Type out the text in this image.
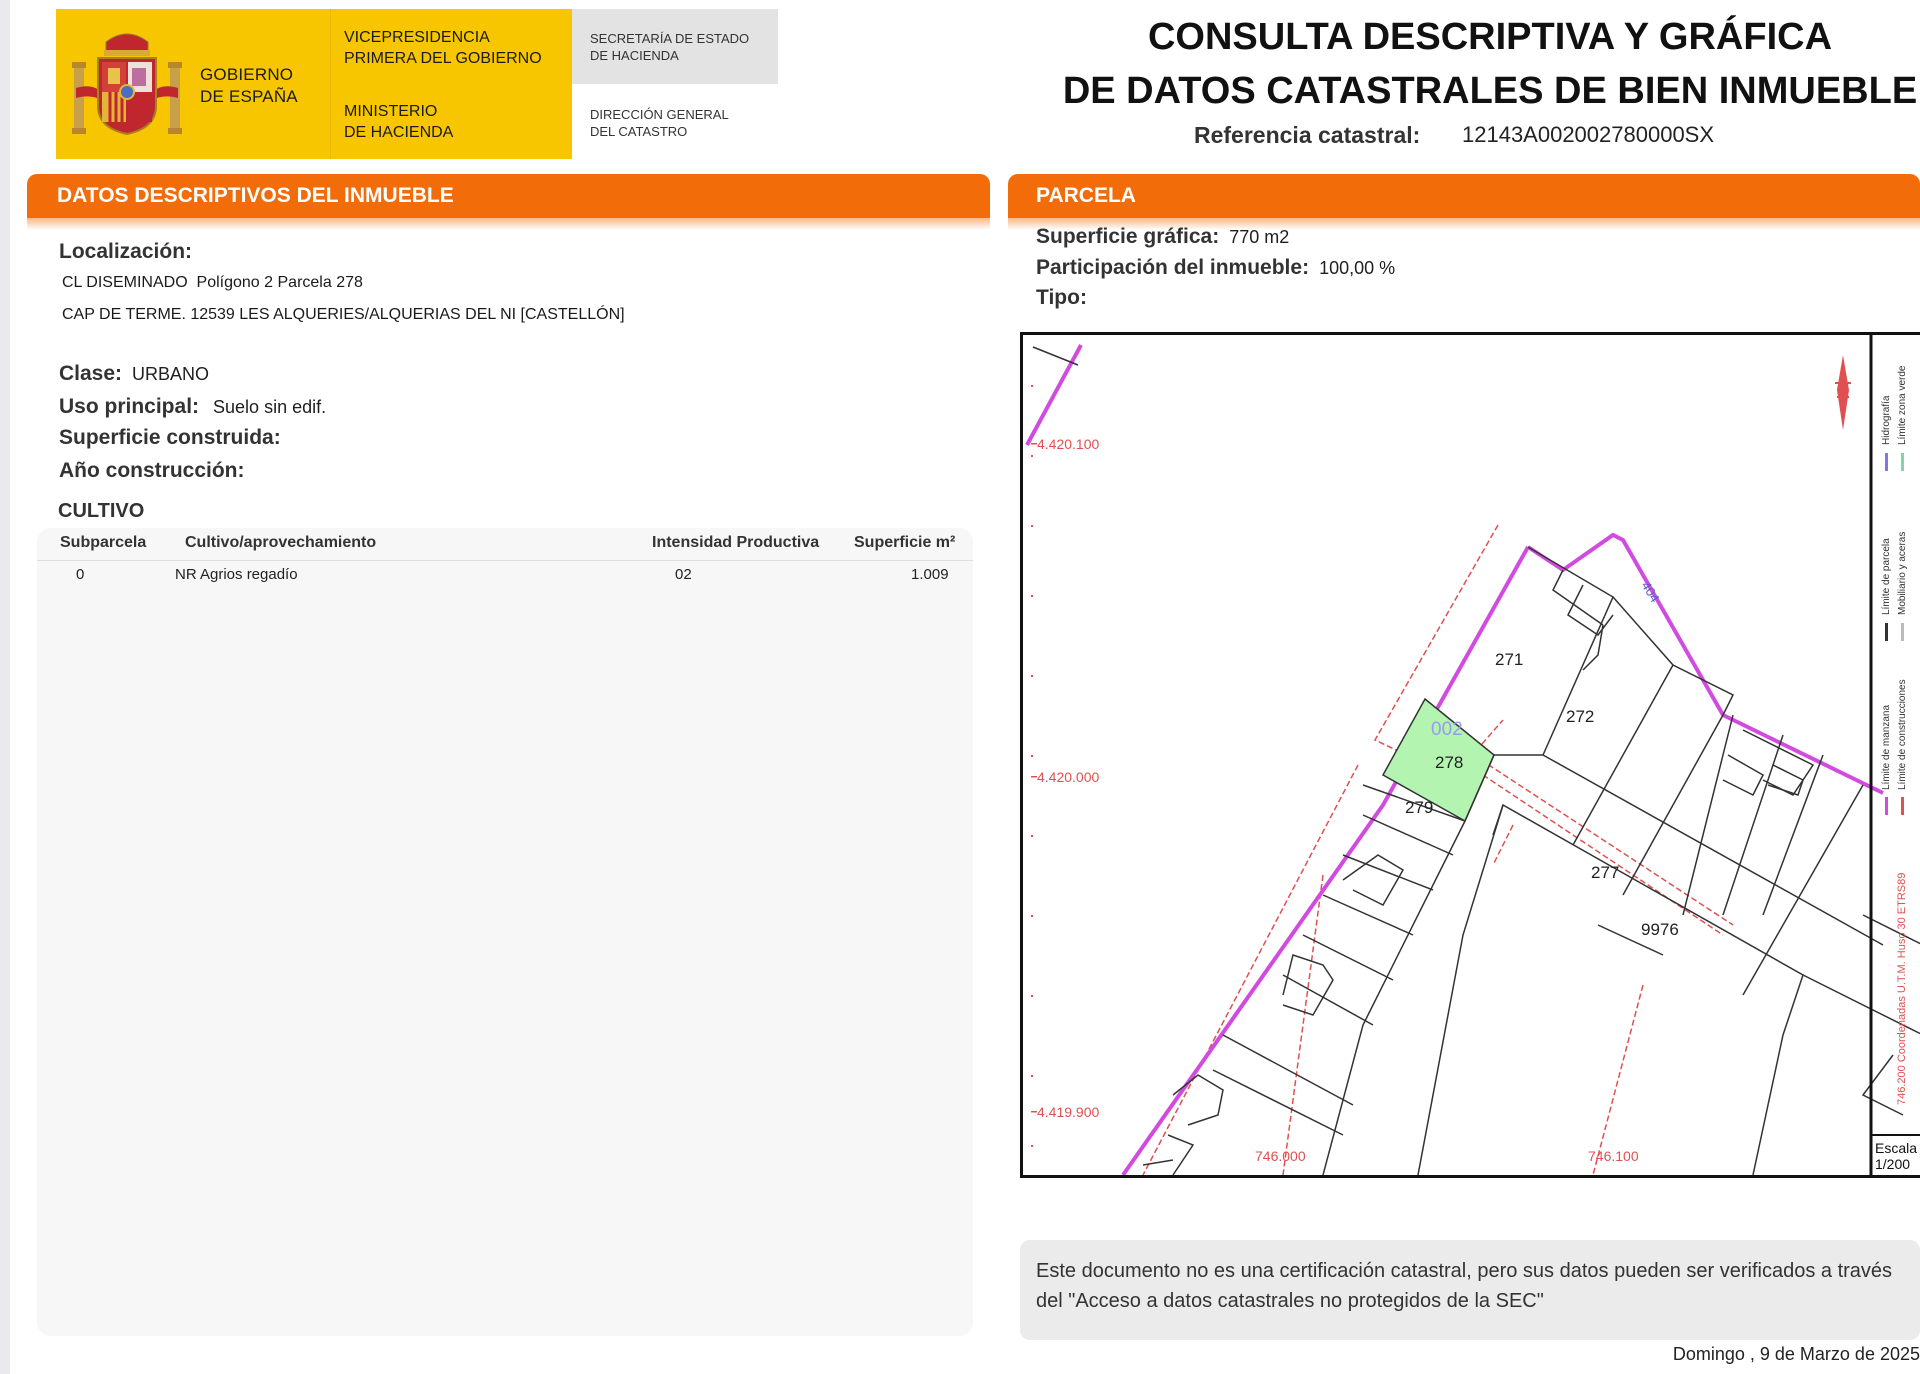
GOBIERNO
DE ESPAÑA
VICEPRESIDENCIA
PRIMERA DEL GOBIERNO
MINISTERIO
DE HACIENDA
SECRETARÍA DE ESTADO
DE HACIENDA
DIRECCIÓN GENERAL
DEL CATASTRO
CONSULTA DESCRIPTIVA Y GRÁFICA
DE DATOS CATASTRALES DE BIEN INMUEBLE
Referencia catastral: 12143A002002780000SX
DATOS DESCRIPTIVOS DEL INMUEBLE	PARCELA
Localización:
CL DISEMINADO  Polígono 2 Parcela 278
CAP DE TERME. 12539 LES ALQUERIES/ALQUERIAS DEL NI [CASTELLÓN]
Clase: URBANO
Uso principal: Suelo sin edif.
Superficie construida:
Año construcción:
CULTIVO
Subparcela Cultivo/aprovechamiento	Intensidad Productiva Superficie m²
0	NR Agrios regadío	02	1.009
Superficie gráfica: 770 m2
Participación del inmueble: 100,00 %
Tipo:
4.420.100
4.420.000
4.419.900
746.000	746.100
271
272
277
278
279
9976
002
404
Límite de manzana Límite de construcciones
Límite de parcela Mobiliario y aceras
Hidrografía Límite zona verde
746.200 Coordenadas U.T.M. Huso 30 ETRS89
Escala
1/200
Este documento no es una certificación catastral, pero sus datos pueden ser verificados a través del "Acceso a datos catastrales no protegidos de la SEC"
Domingo , 9 de Marzo de 2025
